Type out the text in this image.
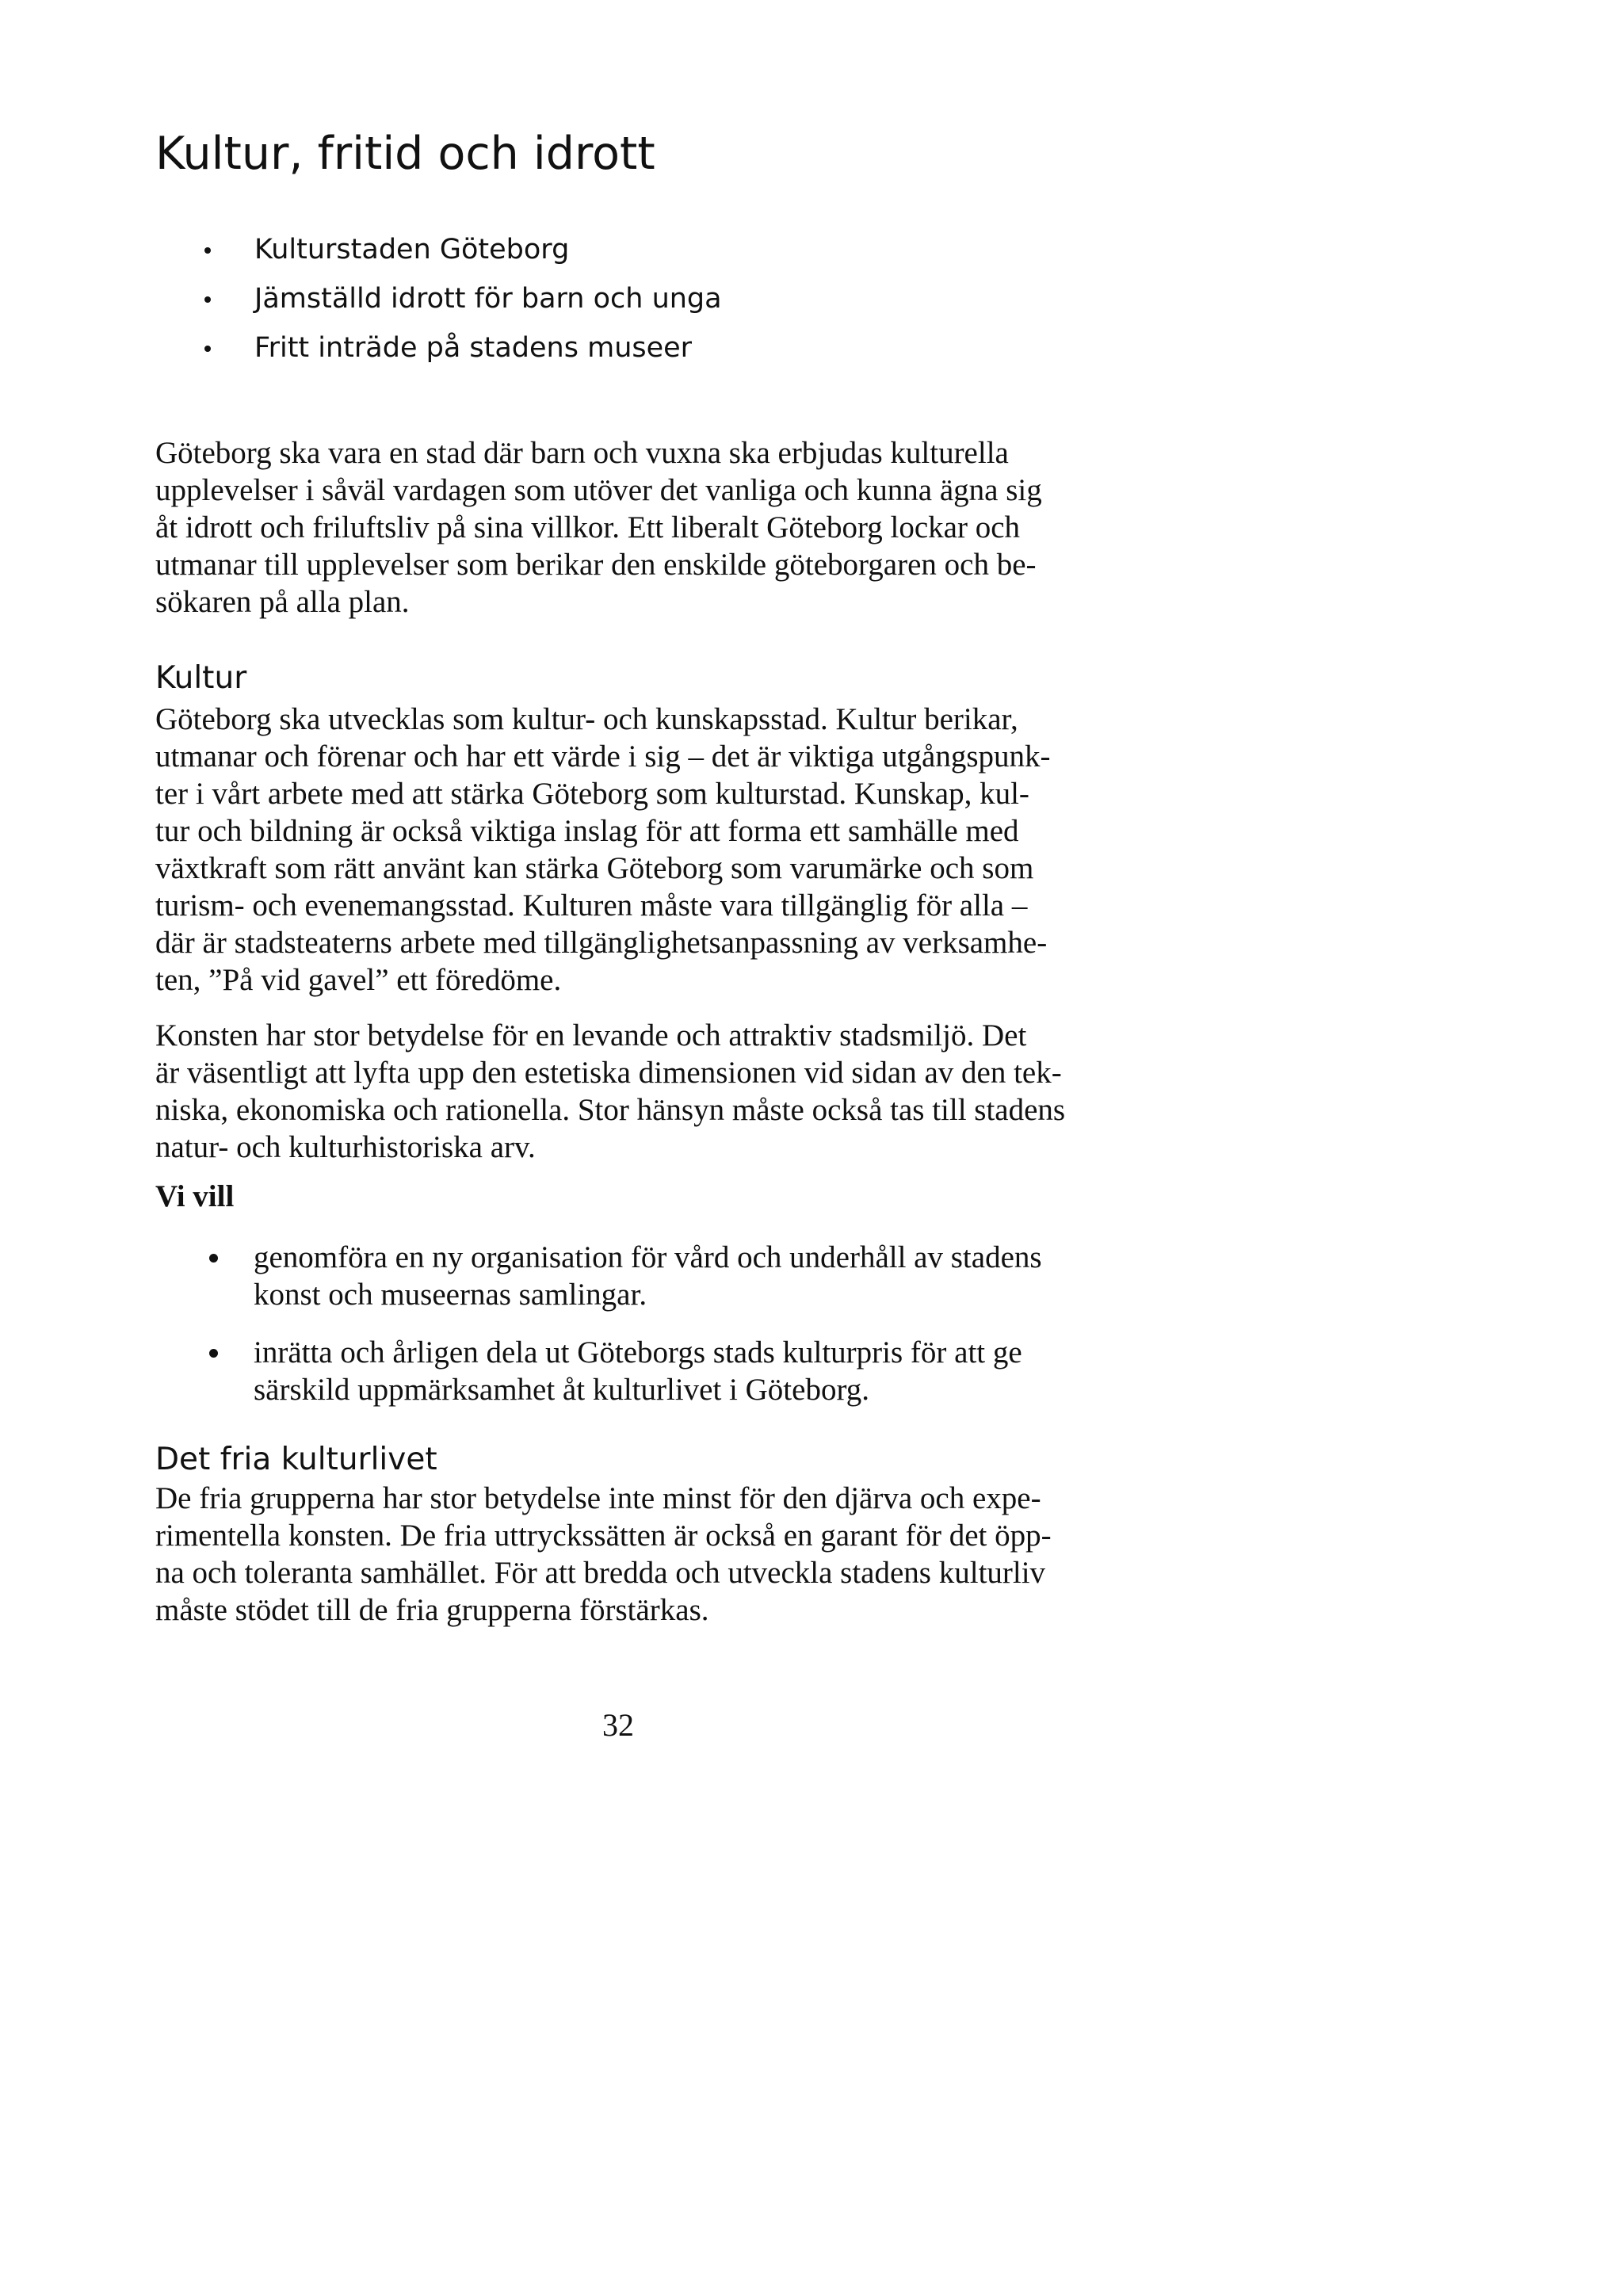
Kultur, fritid och idrott
Kulturstaden Göteborg
Jämställd idrott för barn och unga
Fritt inträde på stadens museer

Göteborg ska vara en stad där barn och vuxna ska erbjudas kulturella
upplevelser i såväl vardagen som utöver det vanliga och kunna ägna sig
åt idrott och friluftsliv på sina villkor. Ett liberalt Göteborg lockar och
utmanar till upplevelser som berikar den enskilde göteborgaren och be-
sökaren på alla plan.

Kultur

Göteborg ska utvecklas som kultur- och kunskapsstad. Kultur berikar,
utmanar och förenar och har ett värde i sig – det är viktiga utgångspunk-
ter i vårt arbete med att stärka Göteborg som kulturstad. Kunskap, kul-
tur och bildning är också viktiga inslag för att forma ett samhälle med
växtkraft som rätt använt kan stärka Göteborg som varumärke och som
turism- och evenemangsstad. Kulturen måste vara tillgänglig för alla –
där är stadsteaterns arbete med tillgänglighetsanpassning av verksamhe-
ten, ”På vid gavel” ett föredöme.

Konsten har stor betydelse för en levande och attraktiv stadsmiljö. Det
är väsentligt att lyfta upp den estetiska dimensionen vid sidan av den tek-
niska, ekonomiska och rationella. Stor hänsyn måste också tas till stadens
natur- och kulturhistoriska arv.

Vi vill
genomföra en ny organisation för vård och underhåll av stadens
konst och museernas samlingar.
inrätta och årligen dela ut Göteborgs stads kulturpris för att ge
särskild uppmärksamhet åt kulturlivet i Göteborg.
Det fria kulturlivet

De fria grupperna har stor betydelse inte minst för den djärva och expe-
rimentella konsten. De fria uttryckssätten är också en garant för det öpp-
na och toleranta samhället. För att bredda och utveckla stadens kulturliv
måste stödet till de fria grupperna förstärkas.

32
